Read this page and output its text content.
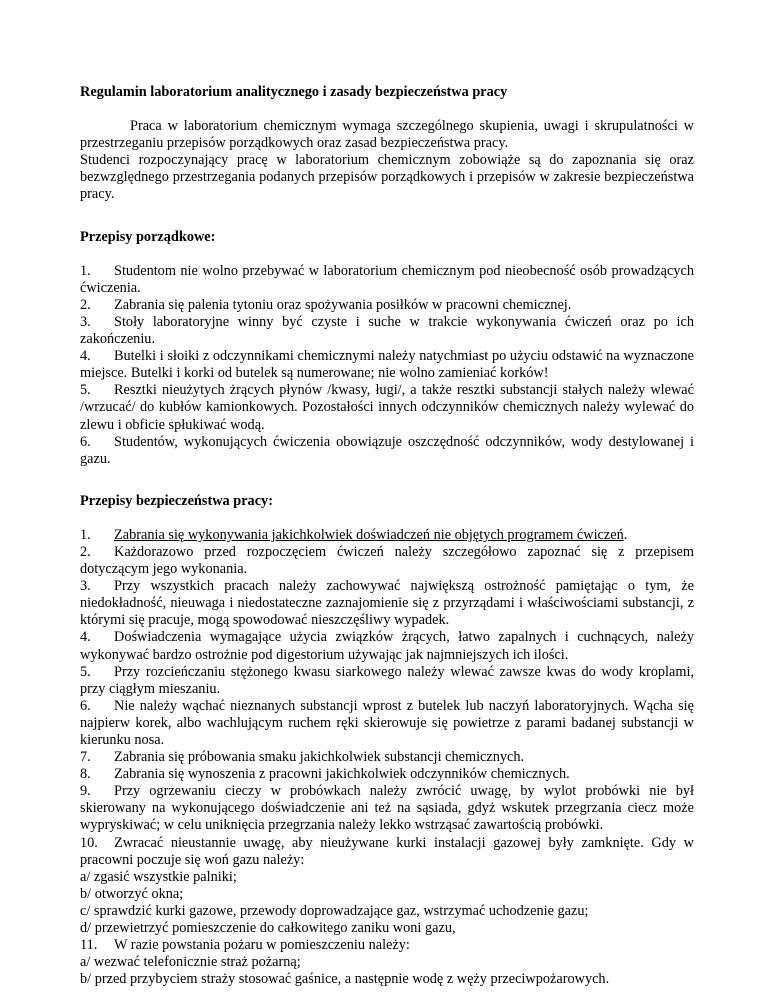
Regulamin laboratorium analitycznego i zasady bezpieczeństwa pracy

Praca w laboratorium chemicznym wymaga szczególnego skupienia, uwagi i skrupulatności w przestrzeganiu przepisów porządkowych oraz zasad bezpieczeństwa pracy.

Studenci rozpoczynający pracę w laboratorium chemicznym zobowiąże są do zapoznania się oraz bezwzględnego przestrzegania podanych przepisów porządkowych i przepisów w zakresie bezpieczeństwa pracy.

Przepisy porządkowe:

1. Studentom nie wolno przebywać w laboratorium chemicznym pod nieobecność osób prowadzących ćwiczenia.

2. Zabrania się palenia tytoniu oraz spożywania posiłków w pracowni chemicznej.

3. Stoły laboratoryjne winny być czyste i suche w trakcie wykonywania ćwiczeń oraz po ich zakończeniu.

4. Butelki i słoiki z odczynnikami chemicznymi należy natychmiast po użyciu odstawić na wyznaczone miejsce. Butelki i korki od butelek są numerowane; nie wolno zamieniać korków!

5. Resztki nieużytych żrących płynów /kwasy, ługi/, a także resztki substancji stałych należy wlewać /wrzucać/ do kubłów kamionkowych. Pozostałości innych odczynników chemicznych należy wylewać do zlewu i obficie spłukiwać wodą.

6. Studentów, wykonujących ćwiczenia obowiązuje oszczędność odczynników, wody destylowanej i gazu.

Przepisy bezpieczeństwa pracy:

1. Zabrania się wykonywania jakichkolwiek doświadczeń nie objętych programem ćwiczeń.

2. Każdorazowo przed rozpoczęciem ćwiczeń należy szczegółowo zapoznać się z przepisem dotyczącym jego wykonania.

3. Przy wszystkich pracach należy zachowywać największą ostrożność pamiętając o tym, że niedokładność, nieuwaga i niedostateczne zaznajomienie się z przyrządami i właściwościami substancji, z którymi się pracuje, mogą spowodować nieszczęśliwy wypadek.

4. Doświadczenia wymagające użycia związków żrących, łatwo zapalnych i cuchnących, należy wykonywać bardzo ostrożnie pod digestorium używając jak najmniejszych ich ilości.

5. Przy rozcieńczaniu stężonego kwasu siarkowego należy wlewać zawsze kwas do wody kroplami, przy ciągłym mieszaniu.

6. Nie należy wąchać nieznanych substancji wprost z butelek lub naczyń laboratoryjnych. Wącha się najpierw korek, albo wachlującym ruchem ręki skierowuje się powietrze z parami badanej substancji w kierunku nosa.

7. Zabrania się próbowania smaku jakichkolwiek substancji chemicznych.

8. Zabrania się wynoszenia z pracowni jakichkolwiek odczynników chemicznych.

9. Przy ogrzewaniu cieczy w probówkach należy zwrócić uwagę, by wylot probówki nie był skierowany na wykonującego doświadczenie ani też na sąsiada, gdyż wskutek przegrzania ciecz może wypryskiwać; w celu uniknięcia przegrzania należy lekko wstrząsać zawartością probówki.

10. Zwracać nieustannie uwagę, aby nieużywane kurki instalacji gazowej były zamknięte. Gdy w pracowni poczuje się woń gazu należy:

a/ zgasić wszystkie palniki;

b/ otworzyć okna;

c/ sprawdzić kurki gazowe, przewody doprowadzające gaz, wstrzymać uchodzenie gazu;

d/ przewietrzyć pomieszczenie do całkowitego zaniku woni gazu,

11. W razie powstania pożaru w pomieszczeniu należy:

a/ wezwać telefonicznie straż pożarną;

b/ przed przybyciem straży stosować gaśnice, a następnie wodę z węży przeciwpożarowych.
